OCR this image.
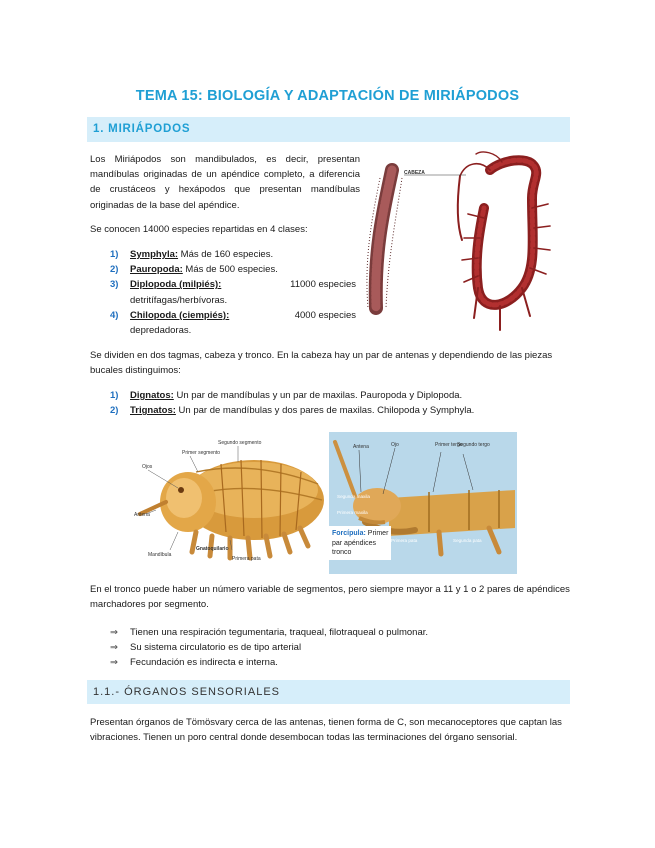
TEMA 15: BIOLOGÍA Y ADAPTACIÓN DE MIRIÁPODOS
1. MIRIÁPODOS
Los Miriápodos son mandibulados, es decir, presentan mandíbulas originadas de un apéndice completo, a diferencia de crustáceos y hexápodos que presentan mandíbulas originadas de la base del apéndice.
Se conocen 14000 especies repartidas en 4 clases:
1) Symphyla: Más de 160 especies.
2) Pauropoda: Más de 500 especies.
3) Diplopoda (milpiés):	11000 especies
detritífagas/herbívoras.
4) Chilopoda (ciempiés):	4000 especies
depredadoras.
CABEZA
Se dividen en dos tagmas, cabeza y tronco. En la cabeza hay un par de antenas y dependiendo de las piezas bucales distinguimos:
1) Dignatos: Un par de mandíbulas y un par de maxilas. Pauropoda y Diplopoda.
2) Trignatos: Un par de mandíbulas y dos pares de maxilas. Chilopoda y Symphyla.
Primer segmento
Segundo segmento
Ojos
Antena
Mandíbula
Gnatoquilario
Primera pata
Antena	Ojo	Primer tergo
Segundo tergo
Segunda maxila
Primera maxila
Primera pata	Segunda pata
Forcípula: Primer par apéndices tronco
En el tronco puede haber un número variable de segmentos, pero siempre mayor a 11 y 1 o 2 pares de apéndices marchadores por segmento.
⇒ Tienen una respiración tegumentaria, traqueal, filotraqueal o pulmonar.
⇒ Su sistema circulatorio es de tipo arterial
⇒ Fecundación es indirecta e interna.
1.1.- ÓRGANOS SENSORIALES
Presentan órganos de Tömösvary cerca de las antenas, tienen forma de C, son mecanoceptores que captan las vibraciones. Tienen un poro central donde desembocan todas las terminaciones del órgano sensorial.
